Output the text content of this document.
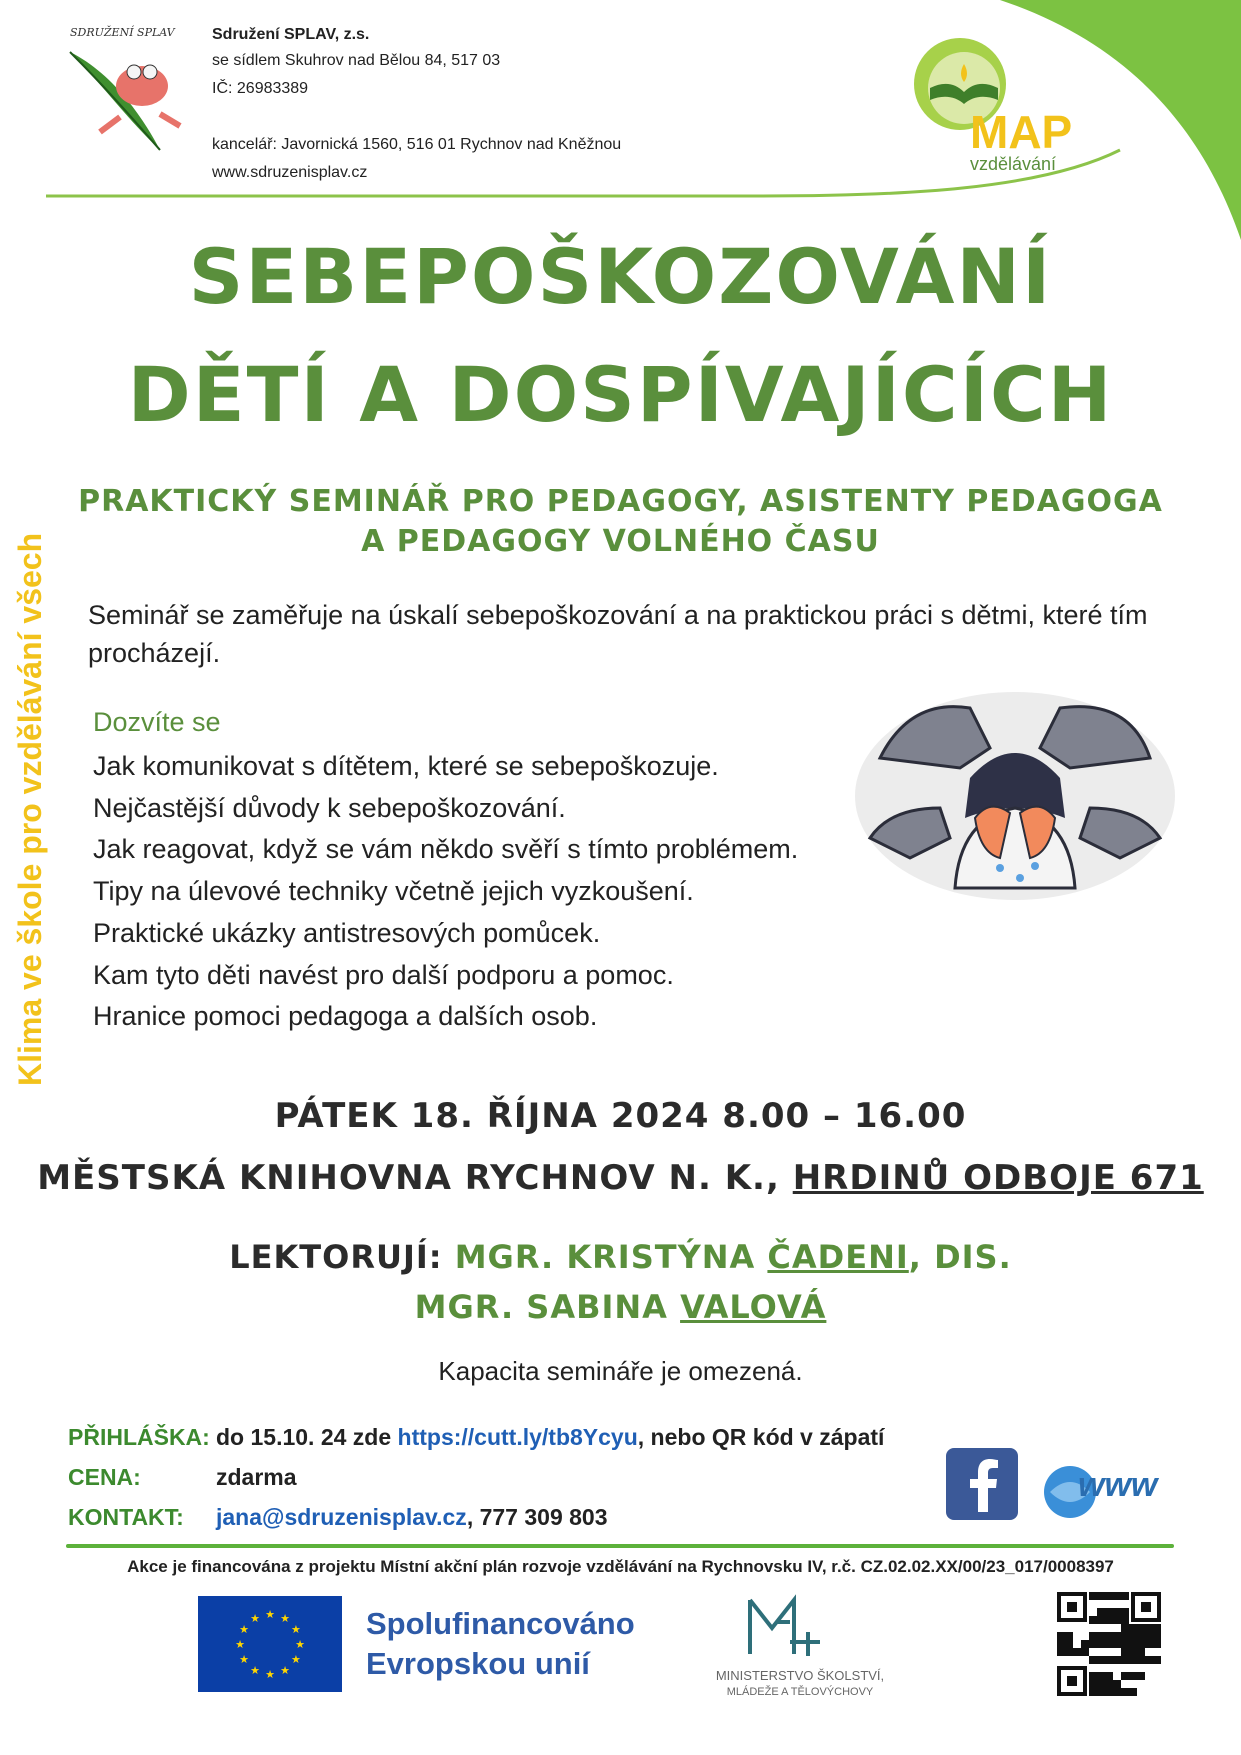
SDRUŽENÍ SPLAV Sdružení SPLAV, z.s.
se sídlem Skuhrov nad Bělou 84, 517 03
IČ: 26983389
kancelář: Javornická 1560, 516 01 Rychnov nad Kněžnou
www.sdruzenisplav.cz
MAP
vzdělávání
SEBEPOŠKOZOVÁNÍ
DĚTÍ A DOSPÍVAJÍCÍCH
PRAKTICKÝ SEMINÁŘ PRO PEDAGOGY, ASISTENTY PEDAGOGA
A PEDAGOGY VOLNÉHO ČASU
Klima ve škole pro vzdělávání všech Seminář se zaměřuje na úskalí sebepoškozování a na praktickou práci s dětmi, které tím procházejí.
Dozvíte se
Jak komunikovat s dítětem, které se sebepoškozuje.
Nejčastější důvody k sebepoškozování.
Jak reagovat, když se vám někdo svěří s tímto problémem.
Tipy na úlevové techniky včetně jejich vyzkoušení.
Praktické ukázky antistresových pomůcek.
Kam tyto děti navést pro další podporu a pomoc.
Hranice pomoci pedagoga a dalších osob.
PÁTEK 18. ŘÍJNA 2024 8.00 – 16.00
MĚSTSKÁ KNIHOVNA RYCHNOV N. K., HRDINŮ ODBOJE 671
LEKTORUJÍ: MGR. KRISTÝNA ČADENI, DIS.
MGR. SABINA VALOVÁ
Kapacita semináře je omezená.
PŘIHLÁŠKA: do 15.10. 24 zde https://cutt.ly/tb8Ycyu, nebo QR kód v zápatí
CENA:	zdarma
KONTAKT: jana@sdruzenisplav.cz, 777 309 803
www
Akce je financována z projektu Místní akční plán rozvoje vzdělávání na Rychnovsku IV, r.č. CZ.02.02.XX/00/23_017/0008397
★
★
★
★
★
★
★
★
★ ★ ★
★ Spolufinancováno
Evropskou unií	MINISTERSTVO ŠKOLSTVÍ,
MLÁDEŽE A TĚLOVÝCHOVY
